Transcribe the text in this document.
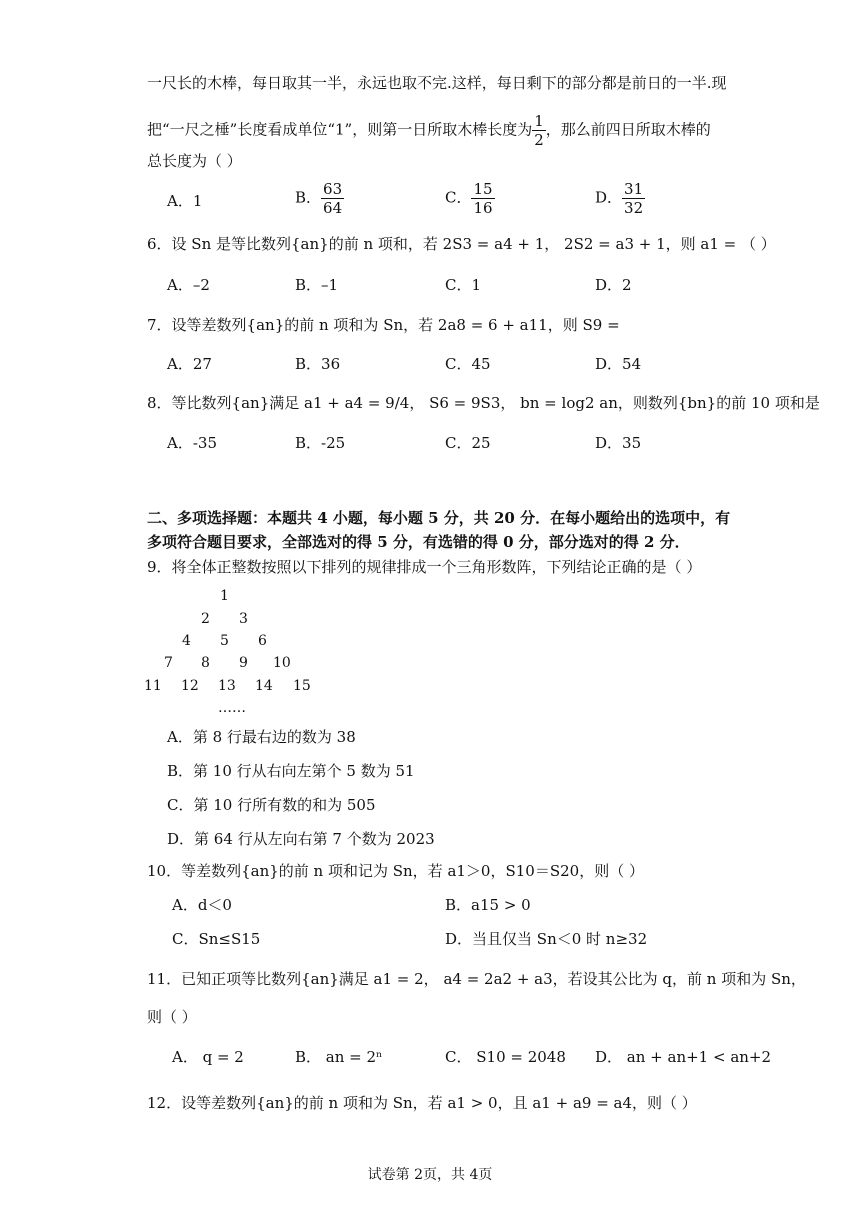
一尺长的木棒，每日取其一半，永远也取不完.这样，每日剩下的部分都是前日的一半.现
把“一尺之棰”长度看成单位“1”，则第一日所取木棒长度为 $\frac{1}{2}$ ，那么前四日所取木棒的
总长度为（ ）
A．1	B． $\frac{63}{64}$	C． $\frac{15}{16}$	D． $\frac{31}{32}$
6．设 Sn 是等比数列{an}的前 n 项和，若 2S3 = a4 + 1， 2S2 = a3 + 1，则 a1 = （ ）
A．–2	B．–1	C．1	D．2
7．设等差数列{an}的前 n 项和为 Sn，若 2a8 = 6 + a11，则 S9 =
A．27	B．36	C．45	D．54
8．等比数列{an}满足 a1 + a4 = 9/4， S6 = 9S3， bn = log2 an，则数列{bn}的前 10 项和是
A．-35	B．-25	C．25	D．35
二、多项选择题：本题共 4 小题，每小题 5 分，共 20 分．在每小题给出的选项中，有
多项符合题目要求，全部选对的得 5 分，有选错的得 0 分，部分选对的得 2 分．
9．将全体正整数按照以下排列的规律排成一个三角形数阵，下列结论正确的是（ ）
1
2 3
4 5 6
7 8 9 10
11 12 13 14 15
……
A．第 8 行最右边的数为 38
B．第 10 行从右向左第个 5 数为 51
C．第 10 行所有数的和为 505
D．第 64 行从左向右第 7 个数为 2023
10．等差数列{an}的前 n 项和记为 Sn，若 a1＞0，S10＝S20，则（ ）
A．d＜0	B．a15 > 0
C．Sn≤S15	D．当且仅当 Sn＜0 时 n≥32
11．已知正项等比数列{an}满足 a1 = 2， a4 = 2a2 + a3，若设其公比为 q，前 n 项和为 Sn，
则（ ）
A． q = 2	B． an = 2ⁿ	C． S10 = 2048 D． an + an+1 < an+2
12．设等差数列{an}的前 n 项和为 Sn，若 a1 > 0，且 a1 + a9 = a4，则（ ）
试卷第 2页，共 4页
